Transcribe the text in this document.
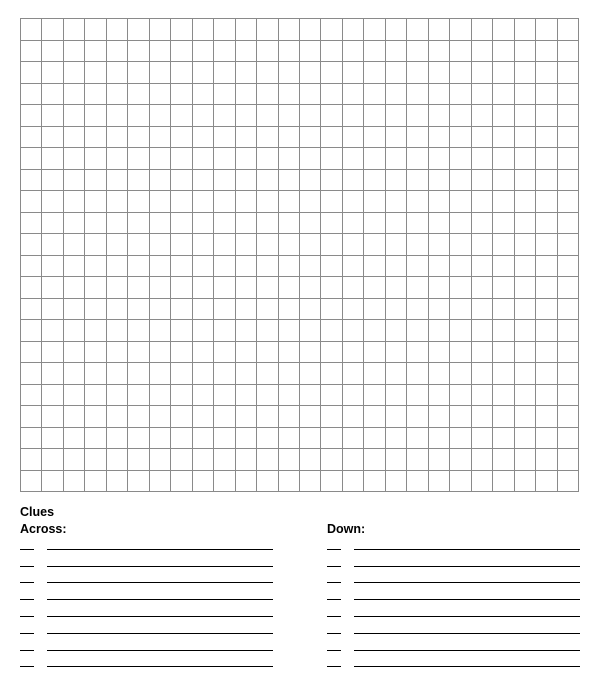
Clues
Across:	Down:
